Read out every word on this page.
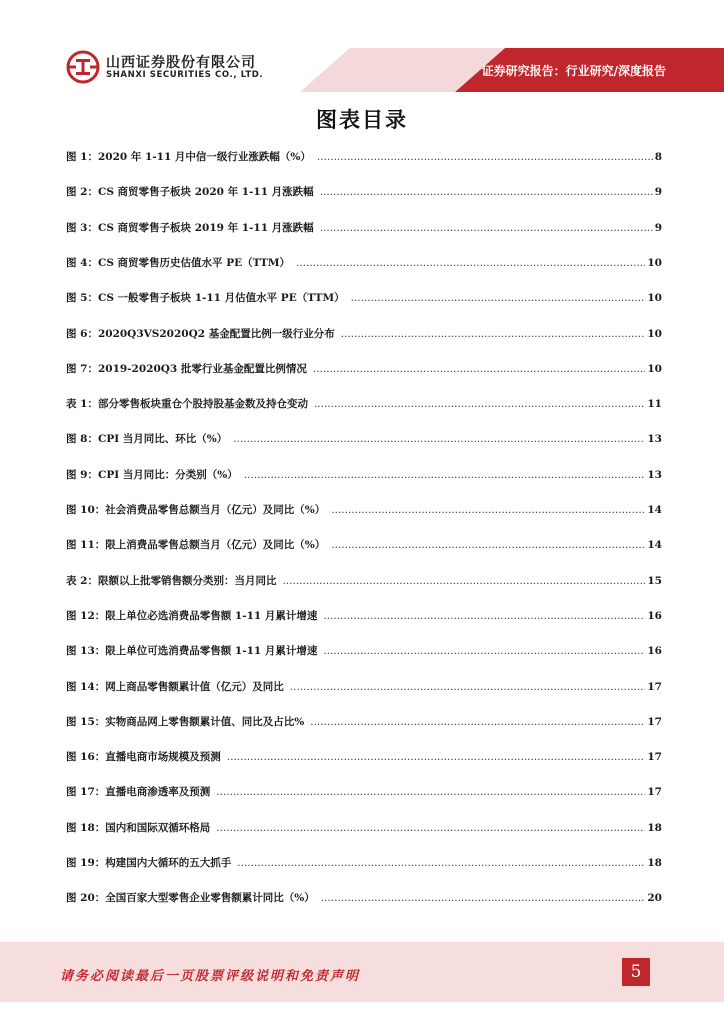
山西证券股份有限公司
SHANXI SECURITIES CO., LTD.	证券研究报告：行业研究/深度报告
图表目录
图 1：2020 年 1-11 月中信一级行业涨跌幅（%） .....	8
图 2：CS 商贸零售子板块 2020 年 1-11 月涨跌幅 .....	9
图 3：CS 商贸零售子板块 2019 年 1-11 月涨跌幅 .....	9
图 4：CS 商贸零售历史估值水平 PE（TTM） .....	10
图 5：CS 一般零售子板块 1-11 月估值水平 PE（TTM） .....	10
图 6：2020Q3VS2020Q2 基金配置比例一级行业分布 .....	10
图 7：2019-2020Q3 批零行业基金配置比例情况 .....	10
表 1：部分零售板块重仓个股持股基金数及持仓变动 .....	11
图 8：CPI 当月同比、环比（%） .....	13
图 9：CPI 当月同比：分类别（%） .....	13
图 10：社会消费品零售总额当月（亿元）及同比（%） .....	14
图 11：限上消费品零售总额当月（亿元）及同比（%） .....	14
表 2：限额以上批零销售额分类别：当月同比 .....	15
图 12：限上单位必选消费品零售额 1-11 月累计增速 .....	16
图 13：限上单位可选消费品零售额 1-11 月累计增速 .....	16
图 14：网上商品零售额累计值（亿元）及同比 .....	17
图 15：实物商品网上零售额累计值、同比及占比% .....	17
图 16：直播电商市场规模及预测 .....	17
图 17：直播电商渗透率及预测 .....	17
图 18：国内和国际双循环格局 .....	18
图 19：构建国内大循环的五大抓手 .....	18
图 20：全国百家大型零售企业零售额累计同比（%） .....	20
请务必阅读最后一页股票评级说明和免责声明	5
